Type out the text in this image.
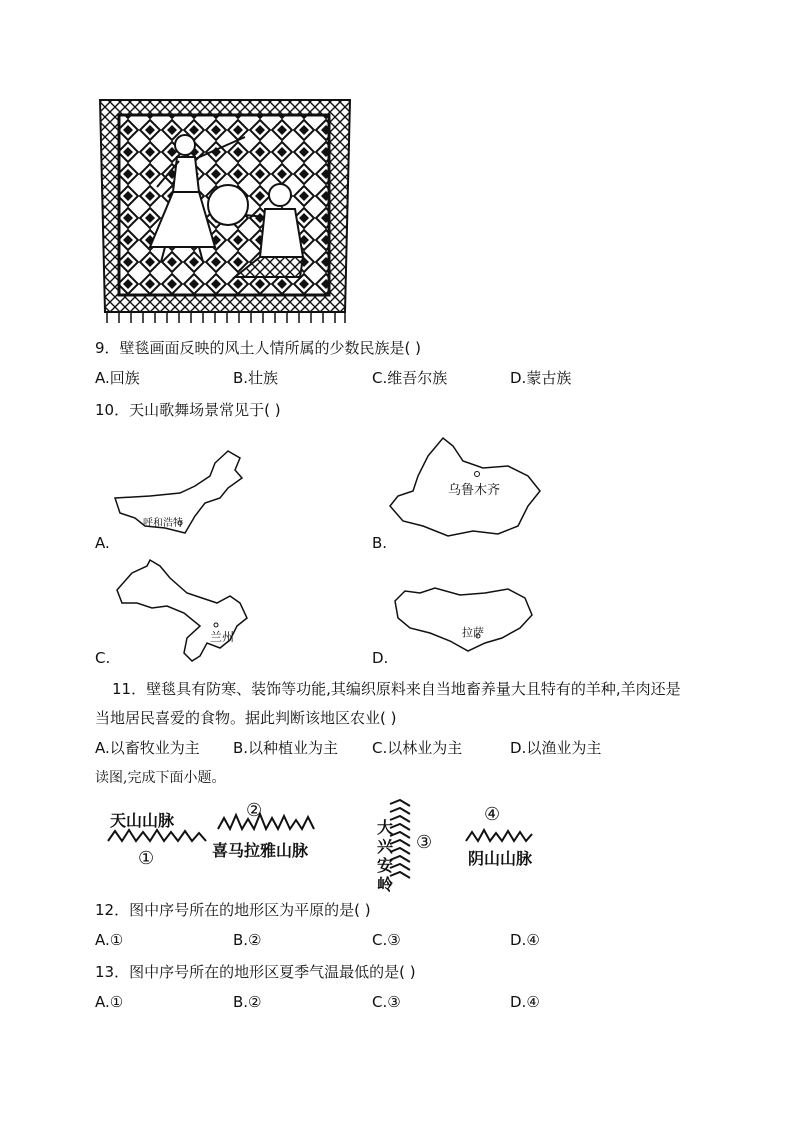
9．壁毯画面反映的风土人情所属的少数民族是( )
A.回族	B.壮族	C.维吾尔族	D.蒙古族
10．天山歌舞场景常见于( )
A.
呼和浩特
B.
乌鲁木齐
C.
兰州
D.
拉萨
11．壁毯具有防寒、装饰等功能,其编织原料来自当地畜养量大且特有的羊种,羊肉还是
当地居民喜爱的食物。据此判断该地区农业( )
A.以畜牧业为主 B.以种植业为主 C.以林业为主	D.以渔业为主
读图,完成下面小题。
天山山脉
①
②
喜马拉雅山脉
大
兴
安
岭
③
④
阴山山脉
12．图中序号所在的地形区为平原的是( )
A.①	B.②	C.③	D.④
13．图中序号所在的地形区夏季气温最低的是( )
A.①	B.②	C.③	D.④
